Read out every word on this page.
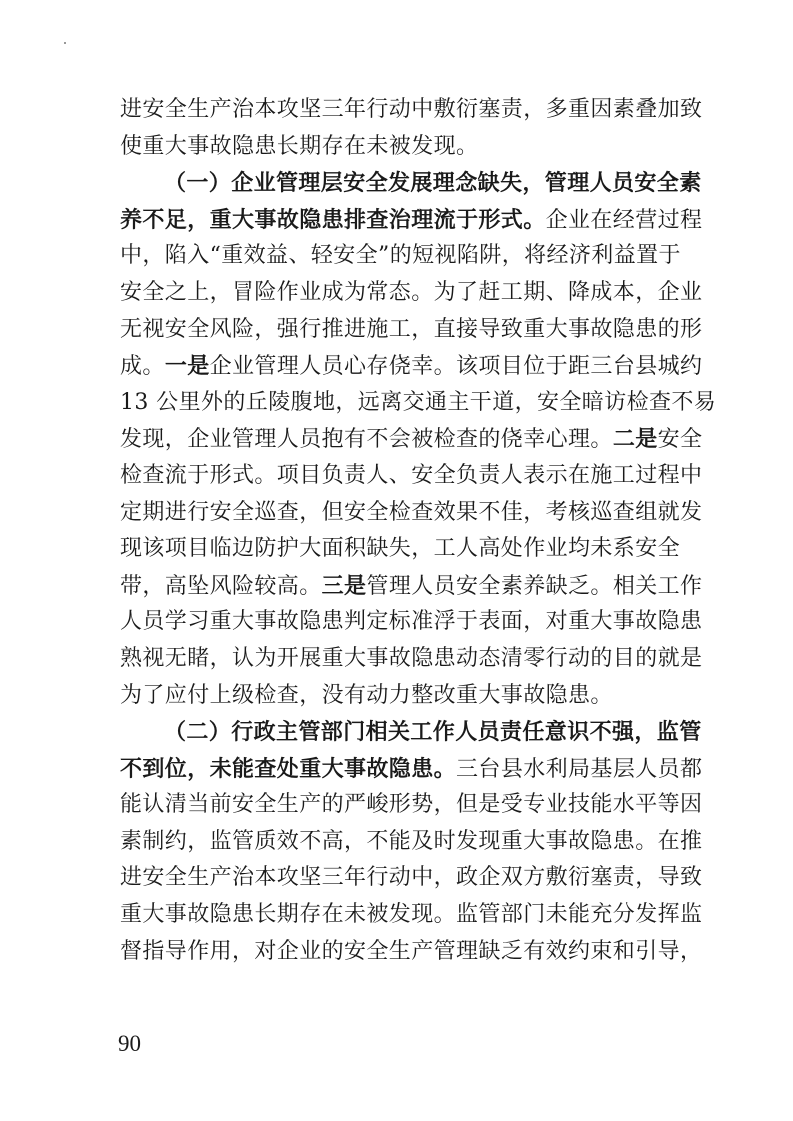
进安全生产治本攻坚三年行动中敷衍塞责，多重因素叠加致
使重大事故隐患长期存在未被发现。
（一）企业管理层安全发展理念缺失，管理人员安全素
养不足，重大事故隐患排查治理流于形式。企业在经营过程
中，陷入“重效益、轻安全”的短视陷阱，将经济利益置于
安全之上，冒险作业成为常态。为了赶工期、降成本，企业
无视安全风险，强行推进施工，直接导致重大事故隐患的形
成。一是企业管理人员心存侥幸。该项目位于距三台县城约
13 公里外的丘陵腹地，远离交通主干道，安全暗访检查不易
发现，企业管理人员抱有不会被检查的侥幸心理。二是安全
检查流于形式。项目负责人、安全负责人表示在施工过程中
定期进行安全巡查，但安全检查效果不佳，考核巡查组就发
现该项目临边防护大面积缺失，工人高处作业均未系安全
带，高坠风险较高。三是管理人员安全素养缺乏。相关工作
人员学习重大事故隐患判定标准浮于表面，对重大事故隐患
熟视无睹，认为开展重大事故隐患动态清零行动的目的就是
为了应付上级检查，没有动力整改重大事故隐患。
（二）行政主管部门相关工作人员责任意识不强，监管
不到位，未能查处重大事故隐患。三台县水利局基层人员都
能认清当前安全生产的严峻形势，但是受专业技能水平等因
素制约，监管质效不高，不能及时发现重大事故隐患。在推
进安全生产治本攻坚三年行动中，政企双方敷衍塞责，导致
重大事故隐患长期存在未被发现。监管部门未能充分发挥监
督指导作用，对企业的安全生产管理缺乏有效约束和引导，
90
